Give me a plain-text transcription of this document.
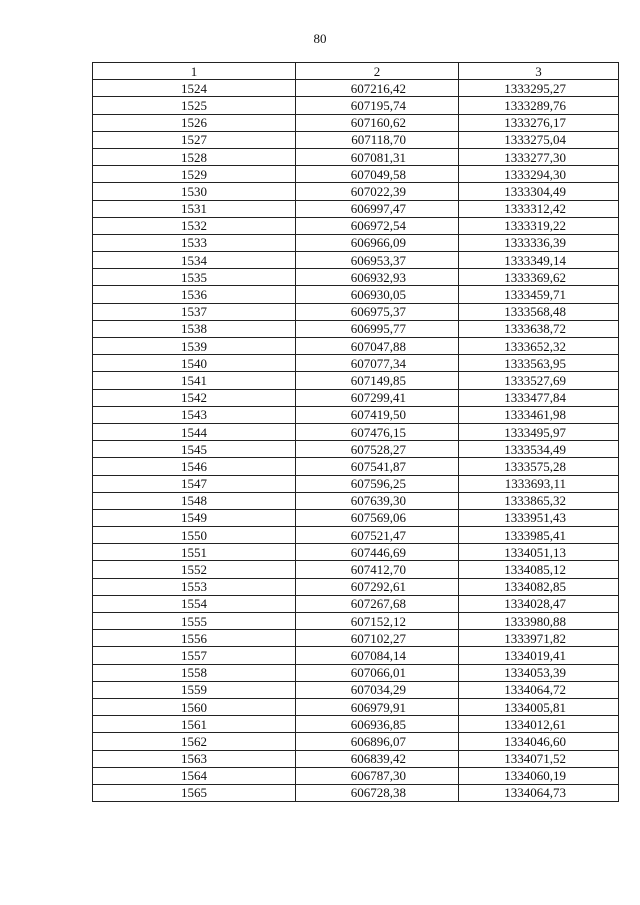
80
1	2	3
1524	607216,42	1333295,27
1525	607195,74	1333289,76
1526	607160,62	1333276,17
1527	607118,70	1333275,04
1528	607081,31	1333277,30
1529	607049,58	1333294,30
1530	607022,39	1333304,49
1531	606997,47	1333312,42
1532	606972,54	1333319,22
1533	606966,09	1333336,39
1534	606953,37	1333349,14
1535	606932,93	1333369,62
1536	606930,05	1333459,71
1537	606975,37	1333568,48
1538	606995,77	1333638,72
1539	607047,88	1333652,32
1540	607077,34	1333563,95
1541	607149,85	1333527,69
1542	607299,41	1333477,84
1543	607419,50	1333461,98
1544	607476,15	1333495,97
1545	607528,27	1333534,49
1546	607541,87	1333575,28
1547	607596,25	1333693,11
1548	607639,30	1333865,32
1549	607569,06	1333951,43
1550	607521,47	1333985,41
1551	607446,69	1334051,13
1552	607412,70	1334085,12
1553	607292,61	1334082,85
1554	607267,68	1334028,47
1555	607152,12	1333980,88
1556	607102,27	1333971,82
1557	607084,14	1334019,41
1558	607066,01	1334053,39
1559	607034,29	1334064,72
1560	606979,91	1334005,81
1561	606936,85	1334012,61
1562	606896,07	1334046,60
1563	606839,42	1334071,52
1564	606787,30	1334060,19
1565	606728,38	1334064,73
